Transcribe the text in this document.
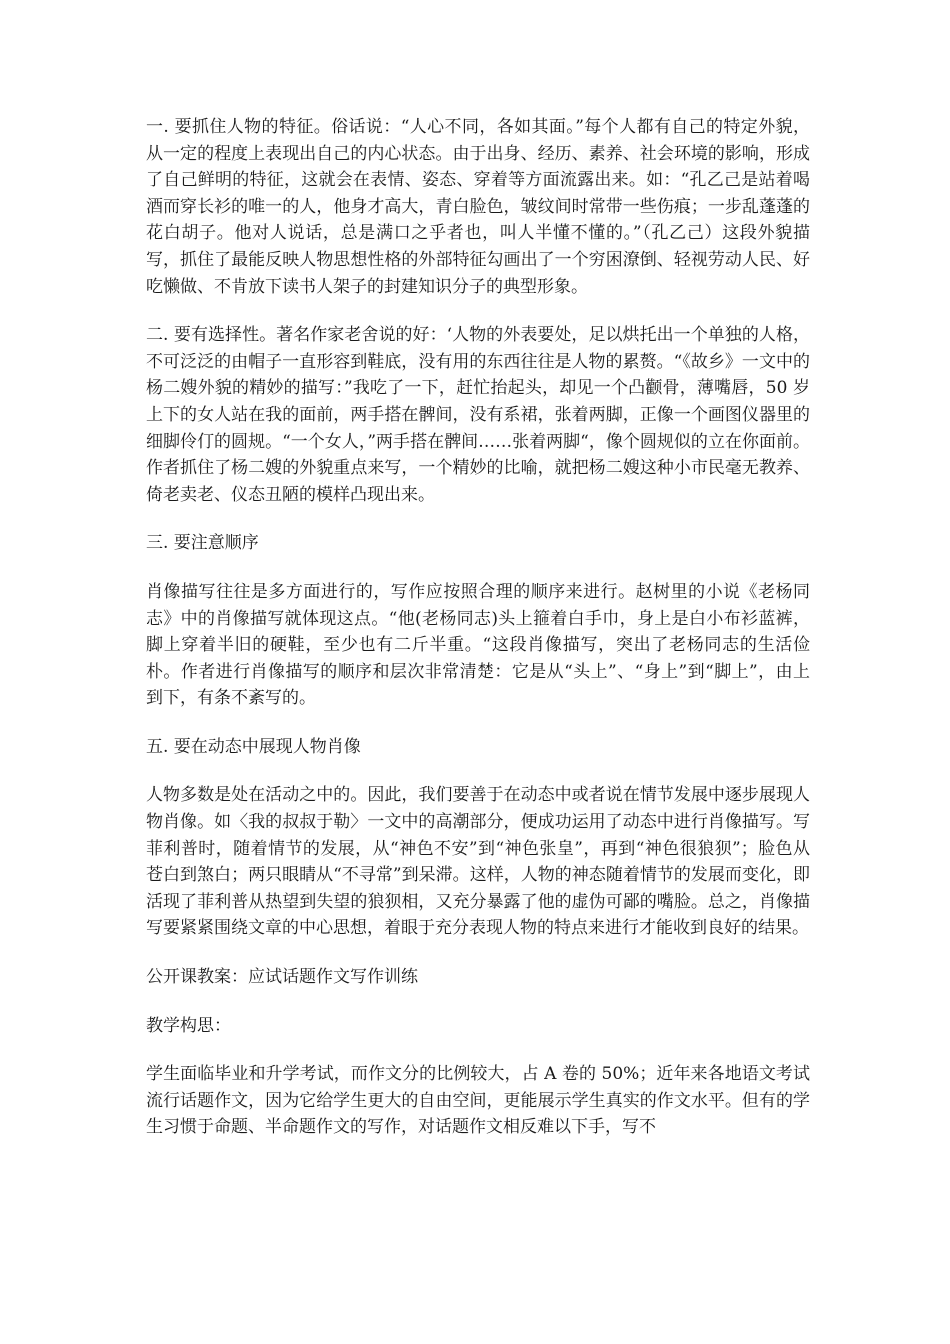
一. 要抓住人物的特征。俗话说：“人心不同，各如其面。”每个人都有自己的特定外貌，从一定的程度上表现出自己的内心状态。由于出身、经历、素养、社会环境的影响，形成了自己鲜明的特征，这就会在表情、姿态、穿着等方面流露出来。如：“孔乙己是站着喝酒而穿长衫的唯一的人，他身才高大，青白脸色，皱纹间时常带一些伤痕；一步乱蓬蓬的花白胡子。他对人说话，总是满口之乎者也，叫人半懂不懂的。”（孔乙己）这段外貌描写，抓住了最能反映人物思想性格的外部特征勾画出了一个穷困潦倒、轻视劳动人民、好吃懒做、不肯放下读书人架子的封建知识分子的典型形象。

二. 要有选择性。著名作家老舍说的好：‘人物的外表要处，足以烘托出一个单独的人格，不可泛泛的由帽子一直形容到鞋底，没有用的东西往往是人物的累赘。“《故乡》一文中的杨二嫂外貌的精妙的描写：”我吃了一下，赶忙抬起头，却见一个凸颧骨，薄嘴唇，50 岁上下的女人站在我的面前，两手搭在髀间，没有系裙，张着两脚，正像一个画图仪器里的细脚伶仃的圆规。“一个女人，”两手搭在髀间……张着两脚“，像个圆规似的立在你面前。作者抓住了杨二嫂的外貌重点来写，一个精妙的比喻，就把杨二嫂这种小市民毫无教养、倚老卖老、仪态丑陋的模样凸现出来。

三. 要注意顺序

肖像描写往往是多方面进行的，写作应按照合理的顺序来进行。赵树里的小说《老杨同志》中的肖像描写就体现这点。“他(老杨同志)头上箍着白手巾，身上是白小布衫蓝裤，脚上穿着半旧的硬鞋，至少也有二斤半重。“这段肖像描写，突出了老杨同志的生活俭朴。作者进行肖像描写的顺序和层次非常清楚：它是从“头上”、“身上”到“脚上”，由上到下，有条不紊写的。

五. 要在动态中展现人物肖像

人物多数是处在活动之中的。因此，我们要善于在动态中或者说在情节发展中逐步展现人物肖像。如〈我的叔叔于勒〉一文中的高潮部分，便成功运用了动态中进行肖像描写。写菲利普时，随着情节的发展，从“神色不安”到“神色张皇”，再到“神色很狼狈”；脸色从苍白到煞白；两只眼睛从“不寻常”到呆滞。这样，人物的神态随着情节的发展而变化，即活现了菲利普从热望到失望的狼狈相，又充分暴露了他的虚伪可鄙的嘴脸。总之，肖像描写要紧紧围绕文章的中心思想，着眼于充分表现人物的特点来进行才能收到良好的结果。

公开课教案：应试话题作文写作训练

教学构思：

学生面临毕业和升学考试，而作文分的比例较大，占 A 卷的 50%；近年来各地语文考试流行话题作文，因为它给学生更大的自由空间，更能展示学生真实的作文水平。但有的学生习惯于命题、半命题作文的写作，对话题作文相反难以下手，写不
